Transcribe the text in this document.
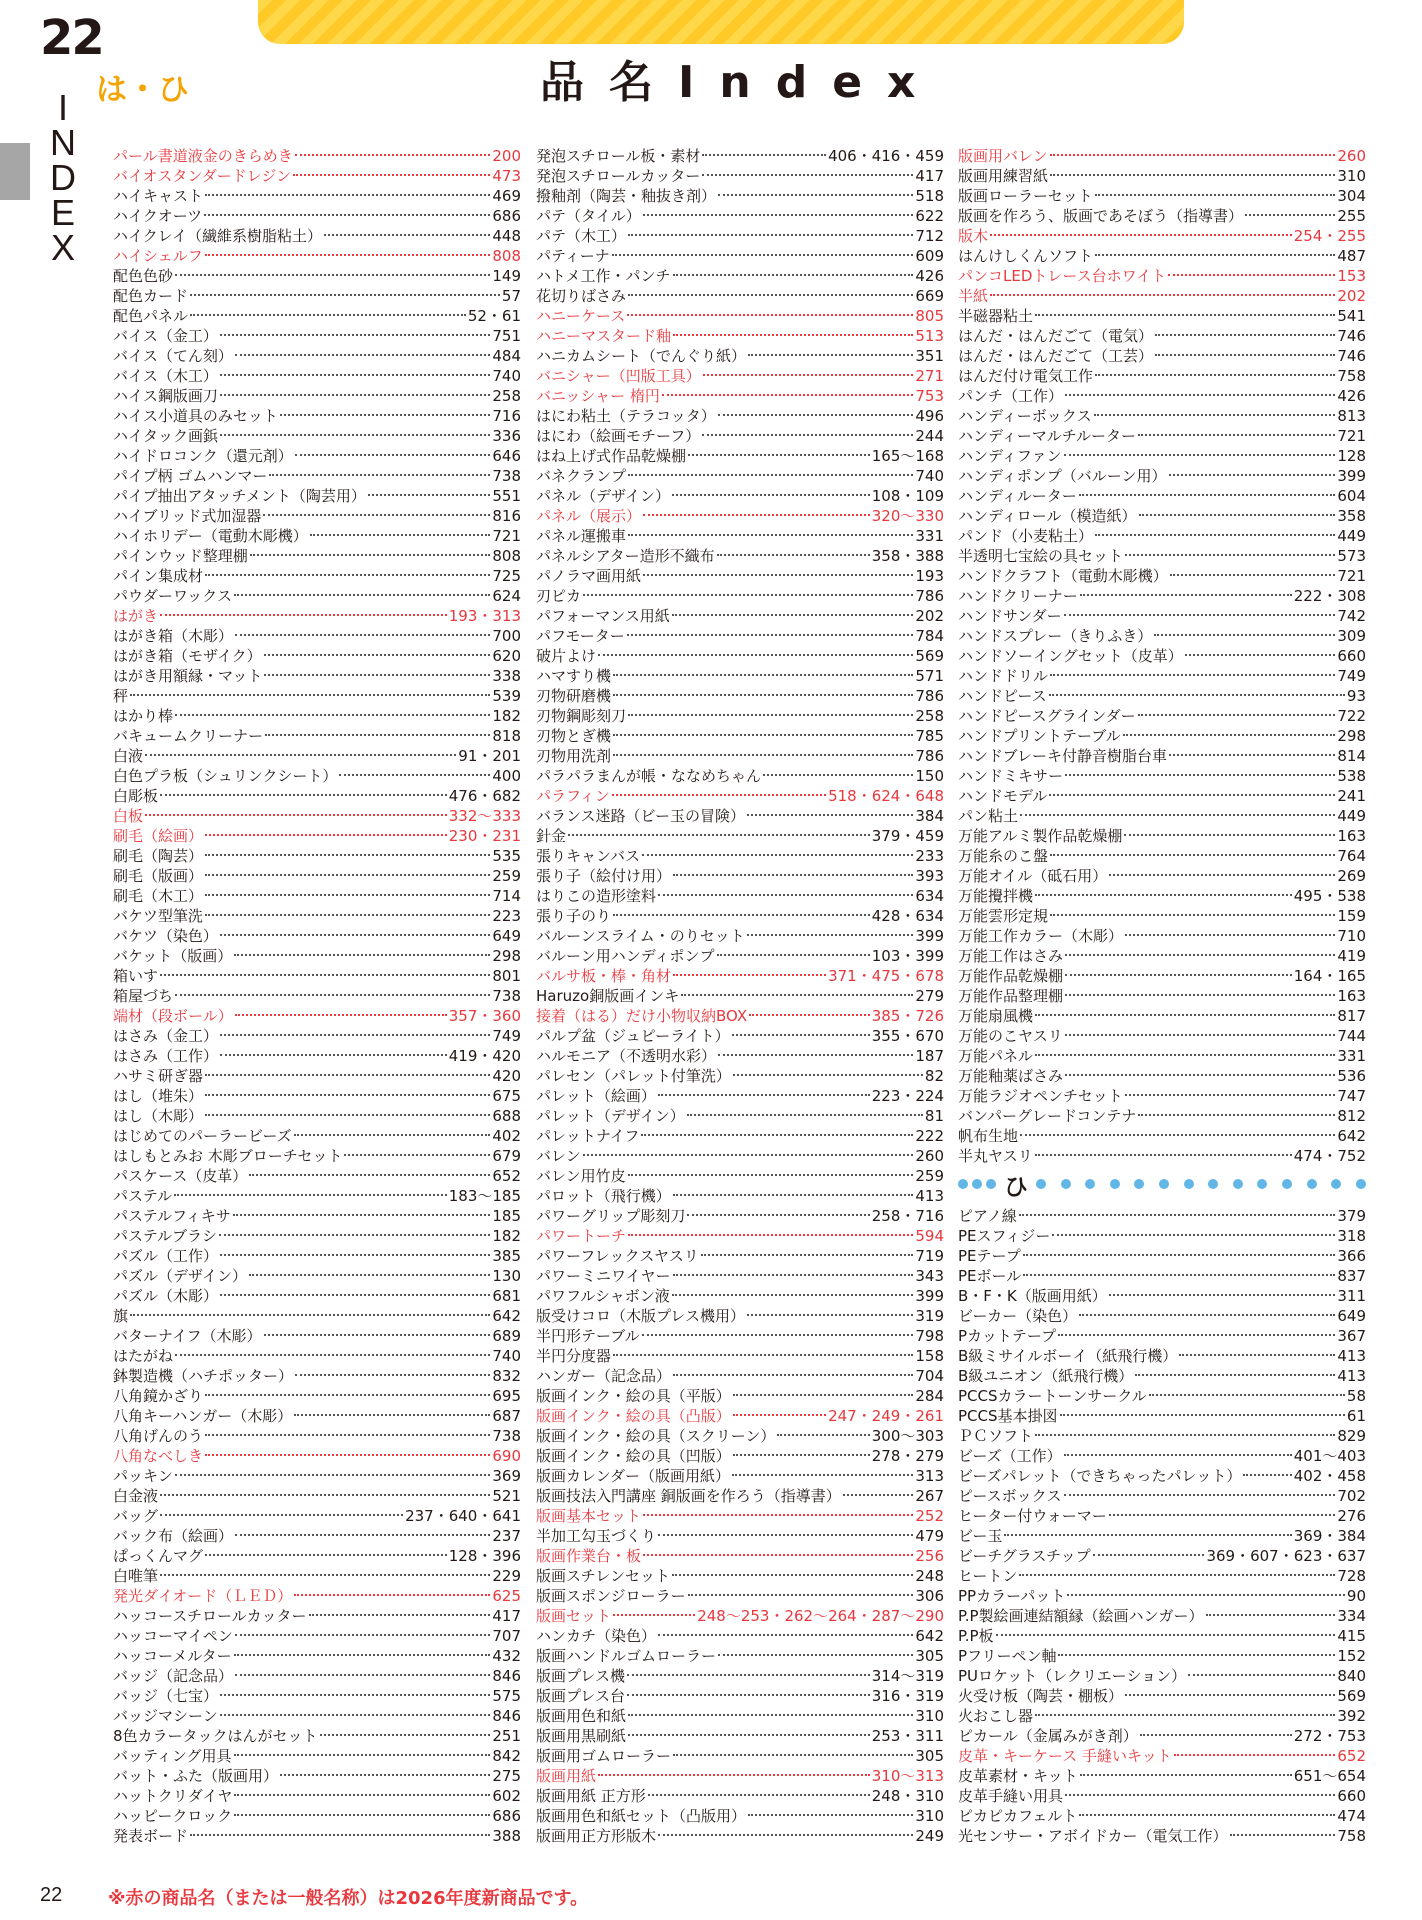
22
は・ひ
I
N
D
E
X
品名Index
パール書道液金のきらめき	200
バイオスタンダードレジン	473
ハイキャスト	469
ハイクオーツ	686
ハイクレイ（繊維系樹脂粘土）	448
ハイシェルフ	808
配色色砂	149
配色カード	57
配色パネル	52・61
バイス（金工）	751
バイス（てん刻）	484
バイス（木工）	740
ハイス鋼版画刀	258
ハイス小道具のみセット	716
ハイタック画鋲	336
ハイドロコンク（還元剤）	646
パイプ柄 ゴムハンマー	738
パイプ抽出アタッチメント（陶芸用）	551
ハイブリッド式加湿器	816
ハイホリデー（電動木彫機）	721
パインウッド整理棚	808
パイン集成材	725
パウダーワックス	624
はがき	193・313
はがき箱（木彫）	700
はがき箱（モザイク）	620
はがき用額縁・マット	338
秤	539
はかり棒	182
バキュームクリーナー	818
白液	91・201
白色プラ板（シュリンクシート）	400
白彫板	476・682
白板	332〜333
刷毛（絵画）	230・231
刷毛（陶芸）	535
刷毛（版画）	259
刷毛（木工）	714
バケツ型筆洗	223
バケツ（染色）	649
バケット（版画）	298
箱いす	801
箱屋づち	738
端材（段ボール）	357・360
はさみ（金工）	749
はさみ（工作）	419・420
ハサミ研ぎ器	420
はし（堆朱）	675
はし（木彫）	688
はじめてのパーラービーズ	402
はしもとみお 木彫ブローチセット	679
パスケース（皮革）	652
パステル	183〜185
パステルフィキサ	185
パステルブラシ	182
パズル（工作）	385
パズル（デザイン）	130
パズル（木彫）	681
旗	642
バターナイフ（木彫）	689
はたがね	740
鉢製造機（ハチポッター）	832
八角鏡かざり	695
八角キーハンガー（木彫）	687
八角げんのう	738
八角なべしき	690
パッキン	369
白金液	521
バッグ	237・640・641
バック布（絵画）	237
ぱっくんマグ	128・396
白唯筆	229
発光ダイオード（ＬＥＤ）	625
ハッコースチロールカッター	417
ハッコーマイペン	707
ハッコーメルター	432
バッジ（記念品）	846
バッジ（七宝）	575
バッジマシーン	846
8色カラータックはんがセット	251
バッティング用具	842
バット・ふた（版画用）	275
ハットクリダイヤ	602
ハッピークロック	686
発表ボード	388
発泡スチロール板・素材	406・416・459
発泡スチロールカッター	417
撥釉剤（陶芸・釉抜き剤）	518
パテ（タイル）	622
パテ（木工）	712
パティーナ	609
ハトメ工作・パンチ	426
花切りばさみ	669
ハニーケース	805
ハニーマスタード釉	513
ハニカムシート（でんぐり紙）	351
バニシャー（凹版工具）	271
バニッシャー 楕円	753
はにわ粘土（テラコッタ）	496
はにわ（絵画モチーフ）	244
はね上げ式作品乾燥棚	165〜168
バネクランプ	740
パネル（デザイン）	108・109
パネル（展示）	320〜330
パネル運搬車	331
パネルシアター造形不織布	358・388
パノラマ画用紙	193
刃ピカ	786
パフォーマンス用紙	202
パフモーター	784
破片よけ	569
ハマすり機	571
刃物研磨機	786
刃物鋼彫刻刀	258
刃物とぎ機	785
刃物用洗剤	786
パラパラまんが帳・ななめちゃん	150
パラフィン	518・624・648
バランス迷路（ビー玉の冒険）	384
針金	379・459
張りキャンバス	233
張り子（絵付け用）	393
はりこの造形塗料	634
張り子のり	428・634
バルーンスライム・のりセット	399
バルーン用ハンディポンプ	103・399
バルサ板・棒・角材	371・475・678
Haruzo銅版画インキ	279
接着（はる）だけ小物収納BOX	385・726
パルプ盆（ジュピーライト）	355・670
ハルモニア（不透明水彩）	187
パレセン（パレット付筆洗）	82
パレット（絵画）	223・224
パレット（デザイン）	81
パレットナイフ	222
バレン	260
バレン用竹皮	259
パロット（飛行機）	413
パワーグリップ彫刻刀	258・716
パワートーチ	594
パワーフレックスヤスリ	719
パワーミニワイヤー	343
パワフルシャボン液	399
版受けコロ（木版プレス機用）	319
半円形テーブル	798
半円分度器	158
ハンガー（記念品）	704
版画インク・絵の具（平版）	284
版画インク・絵の具（凸版）	247・249・261
版画インク・絵の具（スクリーン）	300〜303
版画インク・絵の具（凹版）	278・279
版画カレンダー（版画用紙）	313
版画技法入門講座 銅版画を作ろう（指導書）	267
版画基本セット	252
半加工勾玉づくり	479
版画作業台・板	256
版画スチレンセット	248
版画スポンジローラー	306
版画セット	248〜253・262〜264・287〜290
ハンカチ（染色）	642
版画ハンドルゴムローラー	305
版画プレス機	314〜319
版画プレス台	316・319
版画用色和紙	310
版画用黒刷紙	253・311
版画用ゴムローラー	305
版画用紙	310〜313
版画用紙 正方形	248・310
版画用色和紙セット（凸版用）	310
版画用正方形版木	249
版画用バレン	260
版画用練習紙	310
版画ローラーセット	304
版画を作ろう、版画であそぼう（指導書）	255
版木	254・255
はんけしくんソフト	487
パンコLEDトレース台ホワイト	153
半紙	202
半磁器粘土	541
はんだ・はんだごて（電気）	746
はんだ・はんだごて（工芸）	746
はんだ付け電気工作	758
パンチ（工作）	426
ハンディーボックス	813
ハンディーマルチルーター	721
ハンディファン	128
ハンディポンプ（バルーン用）	399
ハンディルーター	604
ハンディロール（模造紙）	358
パンド（小麦粘土）	449
半透明七宝絵の具セット	573
ハンドクラフト（電動木彫機）	721
ハンドクリーナー	222・308
ハンドサンダー	742
ハンドスプレー（きりふき）	309
ハンドソーイングセット（皮革）	660
ハンドドリル	749
ハンドピース	93
ハンドピースグラインダー	722
ハンドプリントテーブル	298
ハンドブレーキ付静音樹脂台車	814
ハンドミキサー	538
ハンドモデル	241
パン粘土	449
万能アルミ製作品乾燥棚	163
万能糸のこ盤	764
万能オイル（砥石用）	269
万能攪拌機	495・538
万能雲形定規	159
万能工作カラー（木彫）	710
万能工作はさみ	419
万能作品乾燥棚	164・165
万能作品整理棚	163
万能扇風機	817
万能のこヤスリ	744
万能パネル	331
万能釉薬ばさみ	536
万能ラジオペンチセット	747
バンパーグレードコンテナ	812
帆布生地	642
半丸ヤスリ	474・752
ひ
ピアノ線	379
PEスフィジー	318
PEテープ	366
PEボール	837
B・F・K（版画用紙）	311
ビーカー（染色）	649
Pカットテープ	367
B級ミサイルボーイ（紙飛行機）	413
B級ユニオン（紙飛行機）	413
PCCSカラートーンサークル	58
PCCS基本掛図	61
ＰＣソフト	829
ビーズ（工作）	401〜403
ビーズパレット（できちゃったパレット）	402・458
ピースボックス	702
ヒーター付ウォーマー	276
ビー玉	369・384
ビーチグラスチップ	369・607・623・637
ヒートン	728
PPカラーパット	90
P.P製絵画連結額縁（絵画ハンガー）	334
P.P板	415
Pフリーペン軸	152
PUロケット（レクリエーション）	840
火受け板（陶芸・棚板）	569
火おこし器	392
ピカール（金属みがき剤）	272・753
皮革・キーケース 手縫いキット	652
皮革素材・キット	651〜654
皮革手縫い用具	660
ピカピカフェルト	474
光センサー・アボイドカー（電気工作）	758
22	※赤の商品名（または一般名称）は2026年度新商品です。
